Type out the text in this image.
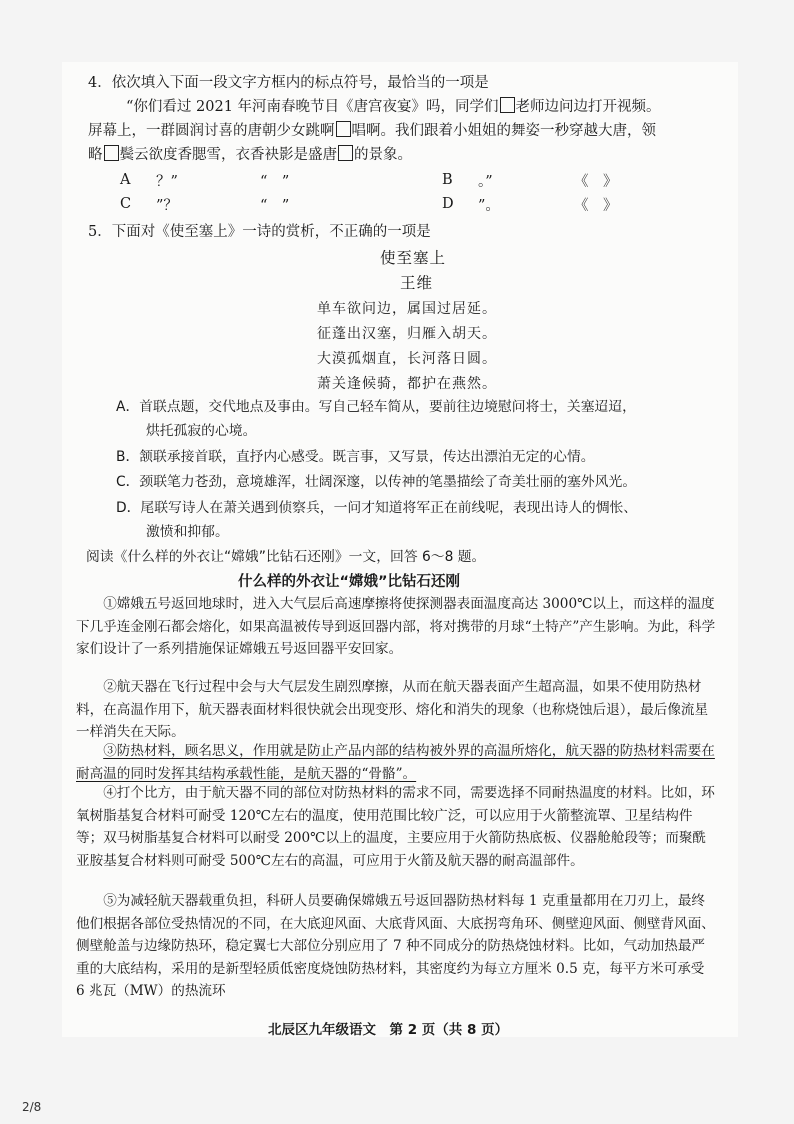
4．依次填入下面一段文字方框内的标点符号，最恰当的一项是
“你们看过 2021 年河南春晚节目《唐宫夜宴》吗，同学们 老师边问边打开视频。
屏幕上，一群圆润讨喜的唐朝少女跳啊 唱啊。我们跟着小姐姐的舞姿一秒穿越大唐，领
略 鬓云欲度香腮雪，衣香袂影是盛唐 的景象。
A ？”	“　”	B 。”	《　》
C ”？	“　”	D ”。	《　》
5．下面对《使至塞上》一诗的赏析，不正确的一项是
使至塞上
王维
单车欲问边，属国过居延。
征蓬出汉塞，归雁入胡天。
大漠孤烟直，长河落日圆。
萧关逢候骑，都护在燕然。
A．首联点题，交代地点及事由。写自己轻车简从，要前往边境慰问将士，关塞迢迢，
烘托孤寂的心境。
B．颔联承接首联，直抒内心感受。既言事，又写景，传达出漂泊无定的心情。
C．颈联笔力苍劲，意境雄浑，壮阔深邃，以传神的笔墨描绘了奇美壮丽的塞外风光。
D．尾联写诗人在萧关遇到侦察兵，一问才知道将军正在前线呢，表现出诗人的惆怅、
激愤和抑郁。
阅读《什么样的外衣让“嫦娥”比钻石还刚》一文，回答 6～8 题。
什么样的外衣让“嫦娥”比钻石还刚
①嫦娥五号返回地球时，进入大气层后高速摩擦将使探测器表面温度高达 3000℃以上，而这样的温度下几乎连金刚石都会熔化，如果高温被传导到返回器内部，将对携带的月球“土特产”产生影响。为此，科学家们设计了一系列措施保证嫦娥五号返回器平安回家。
②航天器在飞行过程中会与大气层发生剧烈摩擦，从而在航天器表面产生超高温，如果不使用防热材料，在高温作用下，航天器表面材料很快就会出现变形、熔化和消失的现象（也称烧蚀后退），最后像流星一样消失在天际。
③防热材料，顾名思义，作用就是防止产品内部的结构被外界的高温所熔化，航天器的防热材料需要在耐高温的同时发挥其结构承载性能，是航天器的“骨骼”。
④打个比方，由于航天器不同的部位对防热材料的需求不同，需要选择不同耐热温度的材料。比如，环氧树脂基复合材料可耐受 120℃左右的温度，使用范围比较广泛，可以应用于火箭整流罩、卫星结构件等；双马树脂基复合材料可以耐受 200℃以上的温度，主要应用于火箭防热底板、仪器舱舱段等；而聚酰亚胺基复合材料则可耐受 500℃左右的高温，可应用于火箭及航天器的耐高温部件。
⑤为减轻航天器载重负担，科研人员要确保嫦娥五号返回器防热材料每 1 克重量都用在刀刃上，最终他们根据各部位受热情况的不同，在大底迎风面、大底背风面、大底拐弯角环、侧壁迎风面、侧壁背风面、侧壁舱盖与边缘防热环，稳定翼七大部位分别应用了 7 种不同成分的防热烧蚀材料。比如，气动加热最严重的大底结构，采用的是新型轻质低密度烧蚀防热材料，其密度约为每立方厘米 0.5 克，每平方米可承受 6 兆瓦（MW）的热流环
北辰区九年级语文　第 2 页（共 8 页）
2/8
